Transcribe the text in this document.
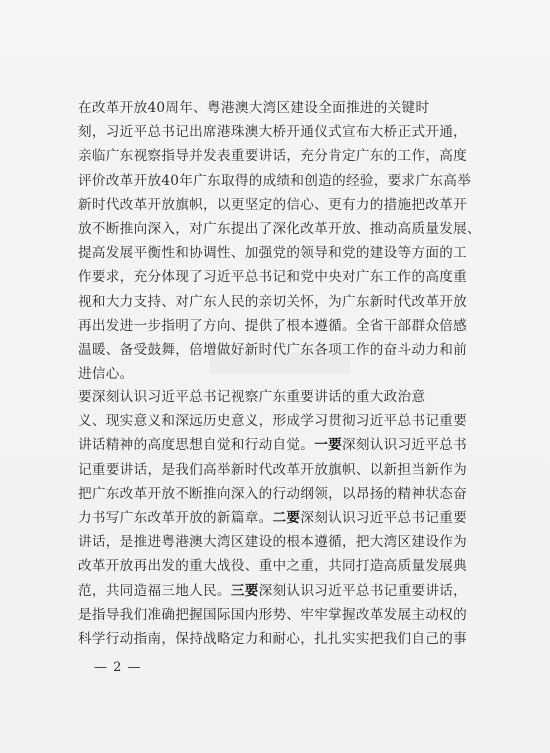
在改革开放40周年、粤港澳大湾区建设全面推进的关键时
刻，习近平总书记出席港珠澳大桥开通仪式宣布大桥正式开通，
亲临广东视察指导并发表重要讲话，充分肯定广东的工作，高度
评价改革开放40年广东取得的成绩和创造的经验，要求广东高举
新时代改革开放旗帜，以更坚定的信心、更有力的措施把改革开
放不断推向深入，对广东提出了深化改革开放、推动高质量发展、
提高发展平衡性和协调性、加强党的领导和党的建设等方面的工
作要求，充分体现了习近平总书记和党中央对广东工作的高度重
视和大力支持、对广东人民的亲切关怀，为广东新时代改革开放
再出发进一步指明了方向、提供了根本遵循。全省干部群众倍感
温暖、备受鼓舞，倍增做好新时代广东各项工作的奋斗动力和前
进信心。
要深刻认识习近平总书记视察广东重要讲话的重大政治意
义、现实意义和深远历史意义，形成学习贯彻习近平总书记重要
讲话精神的高度思想自觉和行动自觉。一要深刻认识习近平总书
记重要讲话，是我们高举新时代改革开放旗帜、以新担当新作为
把广东改革开放不断推向深入的行动纲领，以昂扬的精神状态奋
力书写广东改革开放的新篇章。二要深刻认识习近平总书记重要
讲话，是推进粤港澳大湾区建设的根本遵循，把大湾区建设作为
改革开放再出发的重大战役、重中之重，共同打造高质量发展典
范，共同造福三地人民。三要深刻认识习近平总书记重要讲话，
是指导我们准确把握国际国内形势、牢牢掌握改革发展主动权的
科学行动指南，保持战略定力和耐心，扎扎实实把我们自己的事
— 2 —
